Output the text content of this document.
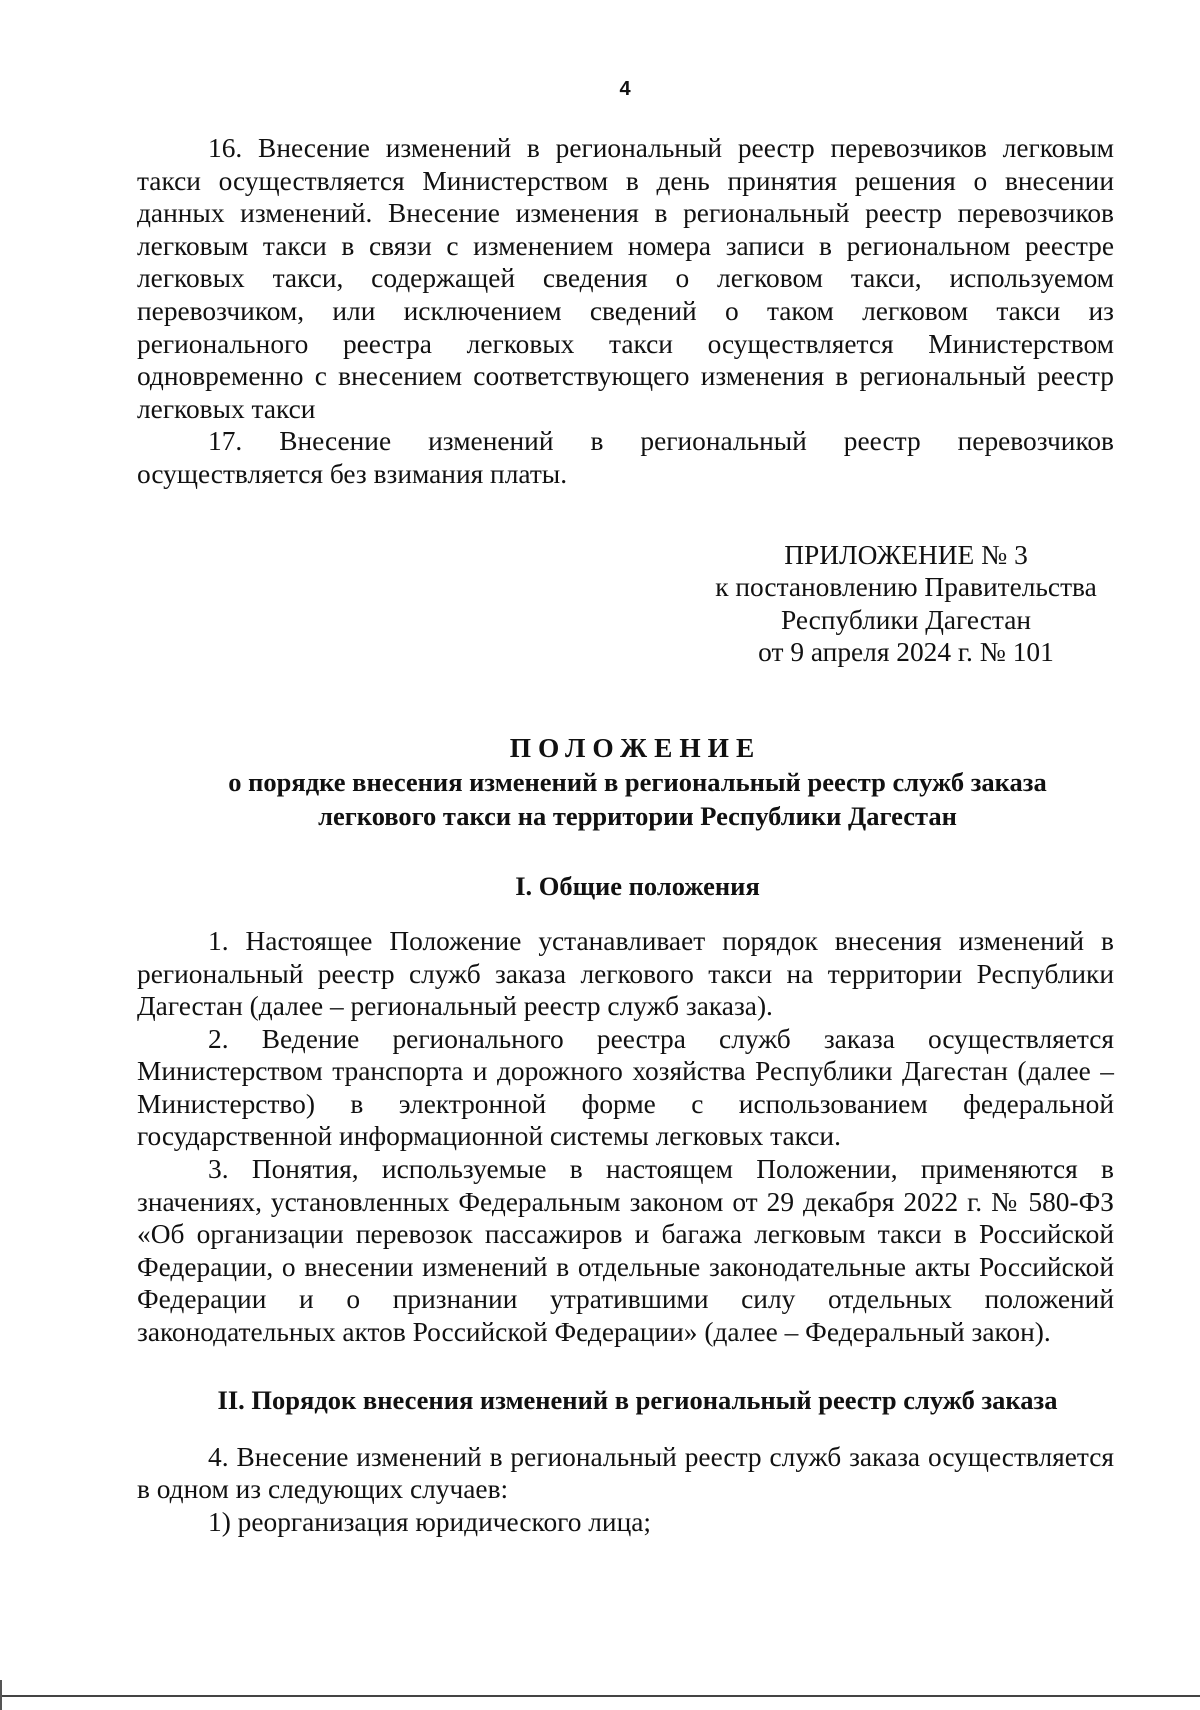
4

16. Внесение изменений в региональный реестр перевозчиков легковым такси осуществляется Министерством в день принятия решения о внесении данных изменений. Внесение изменения в региональный реестр перевозчиков легковым такси в связи с изменением номера записи в региональном реестре легковых такси, содержащей сведения о легковом такси, используемом перевозчиком, или исключением сведений о таком легковом такси из регионального реестра легковых такси осуществляется Министерством одновременно с внесением соответствующего изменения в региональный реестр легковых такси

17. Внесение изменений в региональный реестр перевозчиков осуществляется без взимания платы.

ПРИЛОЖЕНИЕ № 3
к постановлению Правительства
Республики Дагестан
от 9 апреля 2024 г. № 101
ПОЛОЖЕНИЕ
о порядке внесения изменений в региональный реестр служб заказа
легкового такси на территории Республики Дагестан
I. Общие положения

1. Настоящее Положение устанавливает порядок внесения изменений в региональный реестр служб заказа легкового такси на территории Республики Дагестан (далее – региональный реестр служб заказа).

2. Ведение регионального реестра служб заказа осуществляется Министерством транспорта и дорожного хозяйства Республики Дагестан (далее – Министерство) в электронной форме с использованием федеральной государственной информационной системы легковых такси.

3. Понятия, используемые в настоящем Положении, применяются в значениях, установленных Федеральным законом от 29 декабря 2022 г. № 580-ФЗ «Об организации перевозок пассажиров и багажа легковым такси в Российской Федерации, о внесении изменений в отдельные законодательные акты Российской Федерации и о признании утратившими силу отдельных положений законодательных актов Российской Федерации» (далее – Федеральный закон).

II. Порядок внесения изменений в региональный реестр служб заказа

4. Внесение изменений в региональный реестр служб заказа осуществляется в одном из следующих случаев:

1) реорганизация юридического лица;
